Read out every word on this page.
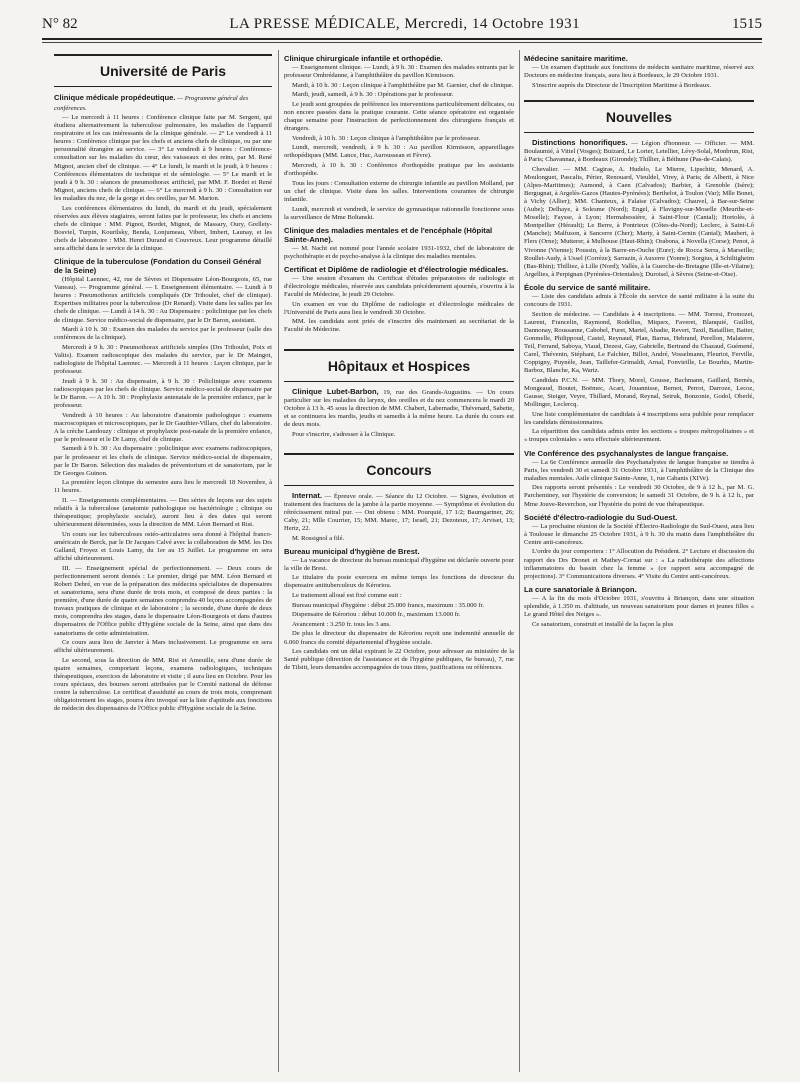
N° 82	LA PRESSE MÉDICALE, Mercredi, 14 Octobre 1931	1515
Université de Paris
Clinique médicale propédeutique. — Programme général des conférences.

— Le mercredi à 11 heures : Conférence clinique faite par M. Sergent, qui étudiera alternativement la tuberculose pulmonaire, les maladies de l'appareil respiratoire et les cas intéressants de la clinique générale. — 2° Le vendredi à 11 heures : Conférence clinique par les chefs et anciens chefs de clinique, ou par une personnalité étrangère au service. — 3° Le vendredi à 9 heures : Conférence-consultation sur les maladies du cœur, des vaisseaux et des reins, par M. René Mignot, ancien chef de clinique. — 4° Le lundi, le mardi et le jeudi, à 9 heures : Conférences élémentaires de technique et de sémiologie. — 5° Le mardi et le jeudi à 9 h. 30 : séances de pneumothorax artificiel, par MM. F. Bordet et René Mignot, anciens chefs de clinique. — 6° Le mercredi à 9 h. 30 : Consultation sur les maladies du nez, de la gorge et des oreilles, par M. Marion.

Les conférences élémentaires du lundi, du mardi et du jeudi, spécialement réservées aux élèves stagiaires, seront faites par le professeur, les chefs et anciens chefs de clinique : MM. Pignot, Bordet, Mignot, de Massary, Oury, Grellety-Bosviel, Turpin, Kourilsky, Benda, Lonjumeau, Vibert, Imbert, Launay, et les chefs de laboratoire : MM. Henri Durand et Couvreux. Leur programme détaillé sera affiché dans le service de la clinique.

Clinique de la tuberculose (Fondation du Conseil Général de la Seine)

(Hôpital Laennec, 42, rue de Sèvres et Dispensaire Léon-Bourgeois, 65, rue Vaneau). — Programme général. — I. Enseignement élémentaire. — Lundi à 9 heures : Pneumothorax artificiels compliqués (Dr Trihoulet, chef de clinique). Expertises militaires pour la tuberculose (Dr Renard). Visite dans les salles par les chefs de clinique. — Lundi à 14 h. 30 : Au Dispensaire : policlinique par les chefs de clinique. Service médico-social de dispensaire, par le Dr Baron, assistant.

Mardi à 10 h. 30 : Examen des malades du service par le professeur (salle des conférences de la clinique).

Mercredi à 9 h. 30 : Pneumothorax artificiels simples (Drs Trihoulet, Poix et Valtis). Examen radioscopique des malades du service, par le Dr Maingot, radiologiste de l'hôpital Laennec. — Mercredi à 11 heures : Leçon clinique, par le professeur.

Jeudi à 9 h. 30 : Au dispensaire, à 9 h. 30 : Policlinique avec examens radioscopiques par les chefs de clinique. Service médico-social de dispensaire par le Dr Baron. — A 10 h. 30 : Prophylaxie antenatale de la première enfance, par le professeur.

Vendredi à 10 heures : Au laboratoire d'anatomie pathologique : examens macroscopiques et microscopiques, par le Dr Gauthier-Villars, chef du laboratoire. A la crèche Landouzy : clinique et prophylaxie post-natale de la première enfance, par le professeur et le Dr Lamy, chef de clinique.

Samedi à 9 h. 30 : Au dispensaire : policlinique avec examens radioscopiques, par le professeur et les chefs de clinique. Service médico-social de dispensaire, par le Dr Baron. Sélection des malades de préventorium et de sanatorium, par le Dr Georges Guinon.

La première leçon clinique du semestre aura lieu le mercredi 18 Novembre, à 11 heures.

II. — Enseignements complémentaires. — Des séries de leçons sur des sujets relatifs à la tuberculose (anatomie pathologique ou bactériologie ; clinique ou thérapeutique; prophylaxie sociale), auront lieu à des dates qui seront ultérieurement déterminées, sous la direction de MM. Léon Bernard et Rist.

Un cours sur les tuberculoses ostéo-articulaires sera donné à l'hôpital franco-américain de Berck, par le Dr Jacques Calvé avec la collaboration de MM. les Drs Galland, Froyez et Louis Lamy, du 1er au 15 Juillet. Le programme en sera affiché ultérieurement.

III. — Enseignement spécial de perfectionnement. — Deux cours de perfectionnement seront donnés : Le premier, dirigé par MM. Léon Bernard et Robert Debré, en vue de la préparation des médecins spécialistes de dispensaires et sanatoriums, sera d'une durée de trois mois, et composé de deux parties : la première, d'une durée de quatre semaines comprendra 40 leçons accompagnées de travaux pratiques de clinique et de laboratoire ; la seconde, d'une durée de deux mois, comprendra des stages, dans le dispensaire Léon-Bourgeois et dans d'autres dispensaires de l'Office public d'Hygiène sociale de la Seine, ainsi que dans des sanatoriums de cette administration.

Ce cours aura lieu de Janvier à Mars inclusivement. Le programme en sera affiché ultérieurement.

Le second, sous la direction de MM. Rist et Ameuille, sera d'une durée de quatre semaines, comportant leçons, examens radiologiques, techniques thérapeutiques, exercices de laboratoire et visite ; il aura lieu en Octobre. Pour les cours spéciaux, des bourses seront attribuées par le Comité national de défense contre la tuberculose. Le certificat d'assiduité au cours de trois mois, comprenant obligatoirement les stages, pourra être invoqué sur la liste d'aptitude aux fonctions de médecin des dispensaires de l'Office public d'Hygiène sociale de la Seine.

Clinique chirurgicale infantile et orthopédie.

— Enseignement clinique. — Lundi, à 9 h. 30 : Examen des malades entrants par le professeur Ombrédanne, à l'amphithéâtre du pavillon Kirmisson.

Mardi, à 10 h. 30 : Leçon clinique à l'amphithéâtre par M. Garnier, chef de clinique.

Mardi, jeudi, samedi, à 9 h. 30 : Opérations par le professeur.

Le jeudi sont groupées de préférence les interventions particulièrement délicates, ou non encore passées dans la pratique courante. Cette séance opératoire est organisée chaque semaine pour l'instruction de perfectionnement des chirurgiens français et étrangers.

Vendredi, à 10 h. 30 : Leçon clinique à l'amphithéâtre par le professeur.

Lundi, mercredi, vendredi, à 9 h. 30 : Au pavillon Kirmisson, appareillages orthopédiques (MM. Lance, Huc, Auroussean et Fèvre).

Mercredi, à 10 h. 30 : Conférence d'orthopédie pratique par les assistants d'orthopédie.

Tous les jours : Consultation externe de chirurgie infantile au pavillon Molland, par un chef de clinique. Visite dans les salles. Interventions courantes de chirurgie infantile.

Lundi, mercredi et vendredi, le service de gymnastique rationnelle fonctionne sous la surveillance de Mme Boltanski.

Clinique des maladies mentales et de l'encéphale (Hôpital Sainte-Anne).

— M. Nacht est nommé pour l'année scolaire 1931-1932, chef de laboratoire de psychothérapie et de psycho-analyse à la clinique des maladies mentales.

Certificat et Diplôme de radiologie et d'électrologie médicales.

— Une session d'examen du Certificat d'études préparatoires de radiologie et d'électrologie médicales, réservée aux candidats précédemment ajournés, s'ouvrira à la Faculté de Médecine, le jeudi 29 Octobre.

Un examen en vue du Diplôme de radiologie et d'électrologie médicales de l'Université de Paris aura lieu le vendredi 30 Octobre.

MM. les candidats sont priés de s'inscrire dès maintenant au secrétariat de la Faculté de Médecine.

Hôpitaux et Hospices

Clinique Lubet-Barbon, 19, rue des Grands-Augustins. — Un cours particulier sur les maladies du larynx, des oreilles et du nez commencera le mardi 20 Octobre à 13 h. 45 sous la direction de MM. Chabert, Labernadie, Thévenard, Sabette, et se continuera les mardis, jeudis et samedis à la même heure. La durée du cours est de deux mois.

Pour s'inscrire, s'adresser à la Clinique.

Concours

Internat. — Épreuve orale. — Séance du 12 Octobre. — Signes, évolution et traitement des fractures de la jambe à la partie moyenne. — Symptôme et évolution du rétrécissement mitral pur. — Ont obtenu : MM. Pourquié, 17 1/2; Baumgartner, 26; Caby, 21; Mlle Courrier, 15; MM. Marec, 17; Israël, 21; Dezoteux, 17; Arviset, 13; Hertz, 22.

M. Rossignol a filé.

Bureau municipal d'hygiène de Brest.

— La vacance de directeur du bureau municipal d'hygiène est déclarée ouverte pour la ville de Brest.

Le titulaire du poste exercera en même temps les fonctions de directeur du dispensaire antituberculeux de Kéroriou.

Le traitement alloué est fixé comme suit :

Bureau municipal d'hygiène : début 25.000 francs, maximum : 35.000 fr.

Dispensaire de Kéroriou : début 10.000 fr., maximum 13.000 fr.

Avancement : 3.250 fr. tous les 3 ans.

De plus le directeur du dispensaire de Kéroriou reçoit une indemnité annuelle de 6.060 francs du comité départemental d'hygiène sociale.

Les candidats ont un délai expirant le 22 Octobre, pour adresser au ministère de la Santé publique (direction de l'assistance et de l'hygiène publiques, 6e bureau), 7, rue de Tilsitt, leurs demandes accompagnées de tous titres, justifications ou références.

Médecine sanitaire maritime.

— Un examen d'aptitude aux fonctions de médecin sanitaire maritime, réservé aux Docteurs en médecine français, aura lieu à Bordeaux, le 29 Octobre 1931.

S'inscrire auprès du Directeur de l'Inscription Maritime à Bordeaux.

Nouvelles

Distinctions honorifiques. — Légion d'honneur. — Officier. — MM. Boulaumié, à Vittel (Vosges); Buizard, Le Lorier, Letellier, Lévy-Solal, Monbrun, Rist, à Paris; Chavannaz, à Bordeaux (Gironde); Thillier, à Béthune (Pas-de-Calais).

Chevalier. — MM. Cagiras, A. Hudelo, Le Mierre, Lipschitz, Menard, A. Moulonguet, Pascalis, Périer, Renouard, Vieuldel, Virey, à Paris; de Alberti, à Nice (Alpes-Maritimes); Aumond, à Caen (Calvados); Barbier, à Grenoble (Isère); Bergugnat, à Argelès-Gazos (Hautes-Pyrénées); Berthelot, à Toulon (Var); Mlle Bonet, à Vichy (Allier); MM. Chanteux, à Falaise (Calvados); Chauvel, à Bar-sur-Seine (Aube); Delhaye, à Solesme (Nord); Engel, à Flavigny-sur-Moselle (Meurthe-et-Moselle); Faysse, à Lyon; Hermabessière, à Saint-Flour (Cantal); Hortolès, à Montpellier (Hérault); Le Berre, à Pontrieux (Côtes-du-Nord); Leclerc, à Saint-Lô (Manche); Malfuson, à Sancerre (Cher); Marty, à Saint-Cernin (Cantal); Maubert, à Flers (Orne); Mutterer, à Mulhouse (Haut-Rhin); Orabona, à Novella (Corse); Penot, à Vivonne (Vienne); Poussin, à la Barre-en-Ouche (Eure); de Rocca Serra, à Marseille; Roullet-Audy, à Ussel (Corrèze); Sarrazin, à Auxerre (Yonne); Sorgius, à Schiltigheim (Bas-Rhin); Thilliez, à Lille (Nord); Vallès, à la Guerche-de-Bretagne (Ille-et-Vilaine); Argellies, à Perpignan (Pyrénées-Orientales); Duroisel, à Sèvres (Seine-et-Oise).

École du service de santé militaire.

— Liste des candidats admis à l'École du service de santé militaire à la suite du concours de 1931.

Section de médecine. — Candidats à 4 inscriptions. — MM. Torresi, Fromozet, Laurent, Francelin, Raymond, Rodellus, Miquex, Faveret, Blanquié, Guillot, Dannonay, Roussanne, Cabobel, Furet, Martel, Abadie, Revert, Taxil, Bataillier, Batier, Gonmelle, Philippoud, Castel, Reynaud, Plan, Barras, Hebrand, Perellon, Malaterre, Teil, Ferrand, Saboya, Viaud, Dezest, Gay, Gabrielle, Bertrand du Chazaud, Guémené, Carel, Thévenin, Stéphant, Le Falchier, Billot, André, Vosselmann, Fleuriot, Ferville, Coppigny, Puynèle, Jean, Taillefer-Grimaldi, Arnal, Fonvieille, Le Bourhis, Martin-Barboz, Blanche, Ka, Wartz.

Candidats P.C.N. — MM. Thory, Morel, Gousse, Bachmann, Gaillard, Bernès, Mongeaud, Boutet, Boëmec, Acart, Jouannisse, Bernot, Perrot, Darroze, Lecoz, Gausse, Steiger, Veyre, Thillard, Morand, Reynal, Setruk, Bonzonie, Godol, Oberlé, Mollinger, Leclercq.

Une liste complémentaire de candidats à 4 inscriptions sera publiée pour remplacer les candidats démissionnaires.

La répartition des candidats admis entre les sections « troupes métropolitaines » et « troupes coloniales » sera effectuée ultérieurement.

VIe Conférence des psychanalystes de langue française.

— La 6e Conférence annuelle des Psychanalystes de langue française se tiendra à Paris, les vendredi 30 et samedi 31 Octobre 1931, à l'amphithéâtre de la Clinique des maladies mentales. Asile clinique Sainte-Anne, 1, rue Cabanis (XIVe).

Des rapports seront présentés : Le vendredi 30 Octobre, de 9 à 12 h., par M. G. Parcheminey, sur l'hystérie de conversion; le samedi 31 Octobre, de 9 h. à 12 h., par Mme Jouve-Reverchon, sur l'hystérie du point de vue thérapeutique.

Société d'électro-radiologie du Sud-Ouest.

— La prochaine réunion de la Société d'Électro-Radiologie du Sud-Ouest, aura lieu à Toulouse le dimanche 25 Octobre 1931, à 9 h. 30 du matin dans l'amphithéâtre du Centre anti-cancéreux.

L'ordre du jour comportera : 1° Allocution du Président. 2° Lecture et discussion du rapport des Drs Dronet et Mathey-Cornat sur : « La radiothérapie des affections inflammatoires du bassin chez la femme » (ce rapport sera accompagné de projections). 3° Communications diverses. 4° Visite du Centre anti-cancéreux.

La cure sanatoriale à Briançon.

— A la fin du mois d'Octobre 1931, s'ouvrira à Briançon, dans une situation splendide, à 1.350 m. d'altitude, un nouveau sanatorium pour dames et jeunes filles « Le grand Hôtel des Neiges ».

Ce sanatorium, construit et installé de la façon la plus
